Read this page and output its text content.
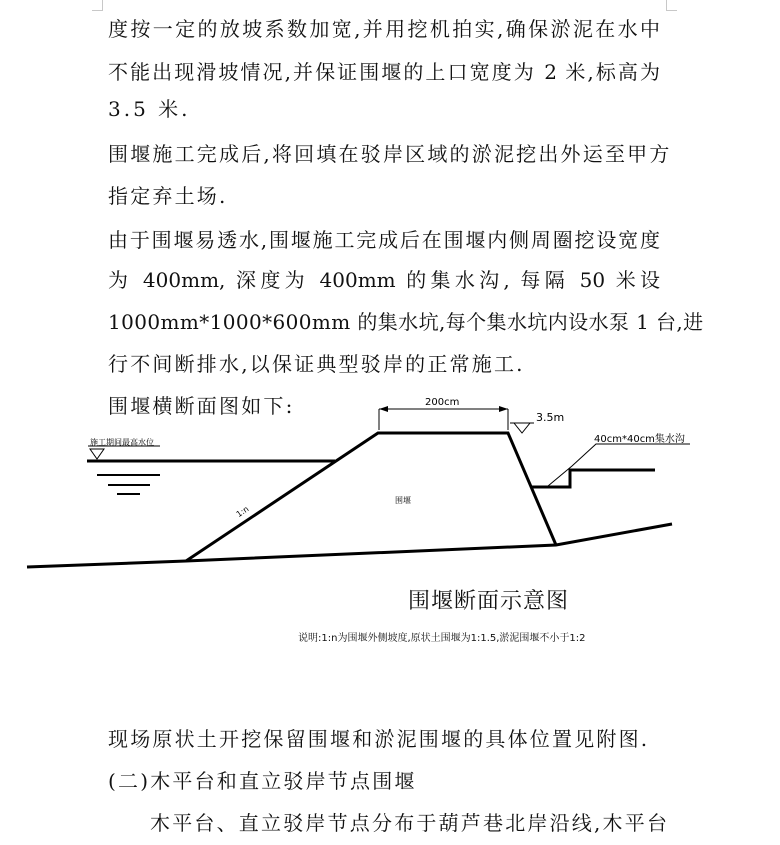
度按一定的放坡系数加宽,并用挖机拍实,确保淤泥在水中
不能出现滑坡情况,并保证围堰的上口宽度为 2 米,标高为
3.5 米.
围堰施工完成后,将回填在驳岸区域的淤泥挖出外运至甲方
指定弃土场.
由于围堰易透水,围堰施工完成后在围堰内侧周圈挖设宽度
为 400mm, 深度为 400mm 的集水沟, 每隔 50 米设
1000mm*1000*600mm 的集水坑,每个集水坑内设水泵 1 台,进
行不间断排水,以保证典型驳岸的正常施工.
围堰横断面图如下:	200cm
3.5m
40cm*40cm集水沟
施工期间最高水位
1:n
围堰
围堰断面示意图
说明:1:n为围堰外侧坡度,原状土围堰为1:1.5,淤泥围堰不小于1:2
现场原状土开挖保留围堰和淤泥围堰的具体位置见附图.
(二)木平台和直立驳岸节点围堰
木平台、直立驳岸节点分布于葫芦巷北岸沿线,木平台
